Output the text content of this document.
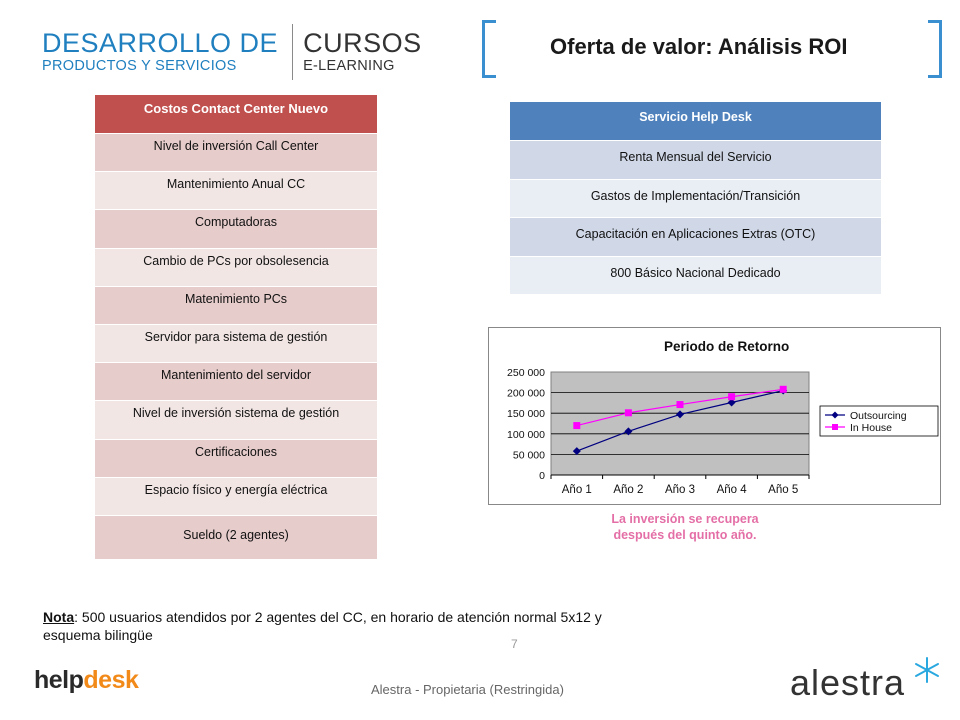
DESARROLLO DE
PRODUCTOS Y SERVICIOS
CURSOS
E-LEARNING
Oferta de valor: Análisis ROI
Costos Contact Center Nuevo
Nivel de inversión Call Center
Mantenimiento Anual CC
Computadoras
Cambio de PCs por obsolesencia
Matenimiento PCs
Servidor para sistema de gestión
Mantenimiento del servidor
Nivel de inversión sistema de gestión
Certificaciones
Espacio físico y energía eléctrica
Sueldo (2 agentes)
Servicio Help Desk
Renta Mensual del Servicio
Gastos de Implementación/Transición
Capacitación en Aplicaciones Extras (OTC)
800 Básico Nacional Dedicado
Periodo de Retorno
0
50 000
100 000
150 000
200 000
250 000
Año 1 Año 2 Año 3 Año 4 Año 5
Outsourcing
In House
La inversión se recupera
después del quinto año.
Nota: 500 usuarios atendidos por 2 agentes del CC, en horario de atención normal 5x12 y esquema bilingüe
7
helpdesk	Alestra - Propietaria (Restringida)	alestra
